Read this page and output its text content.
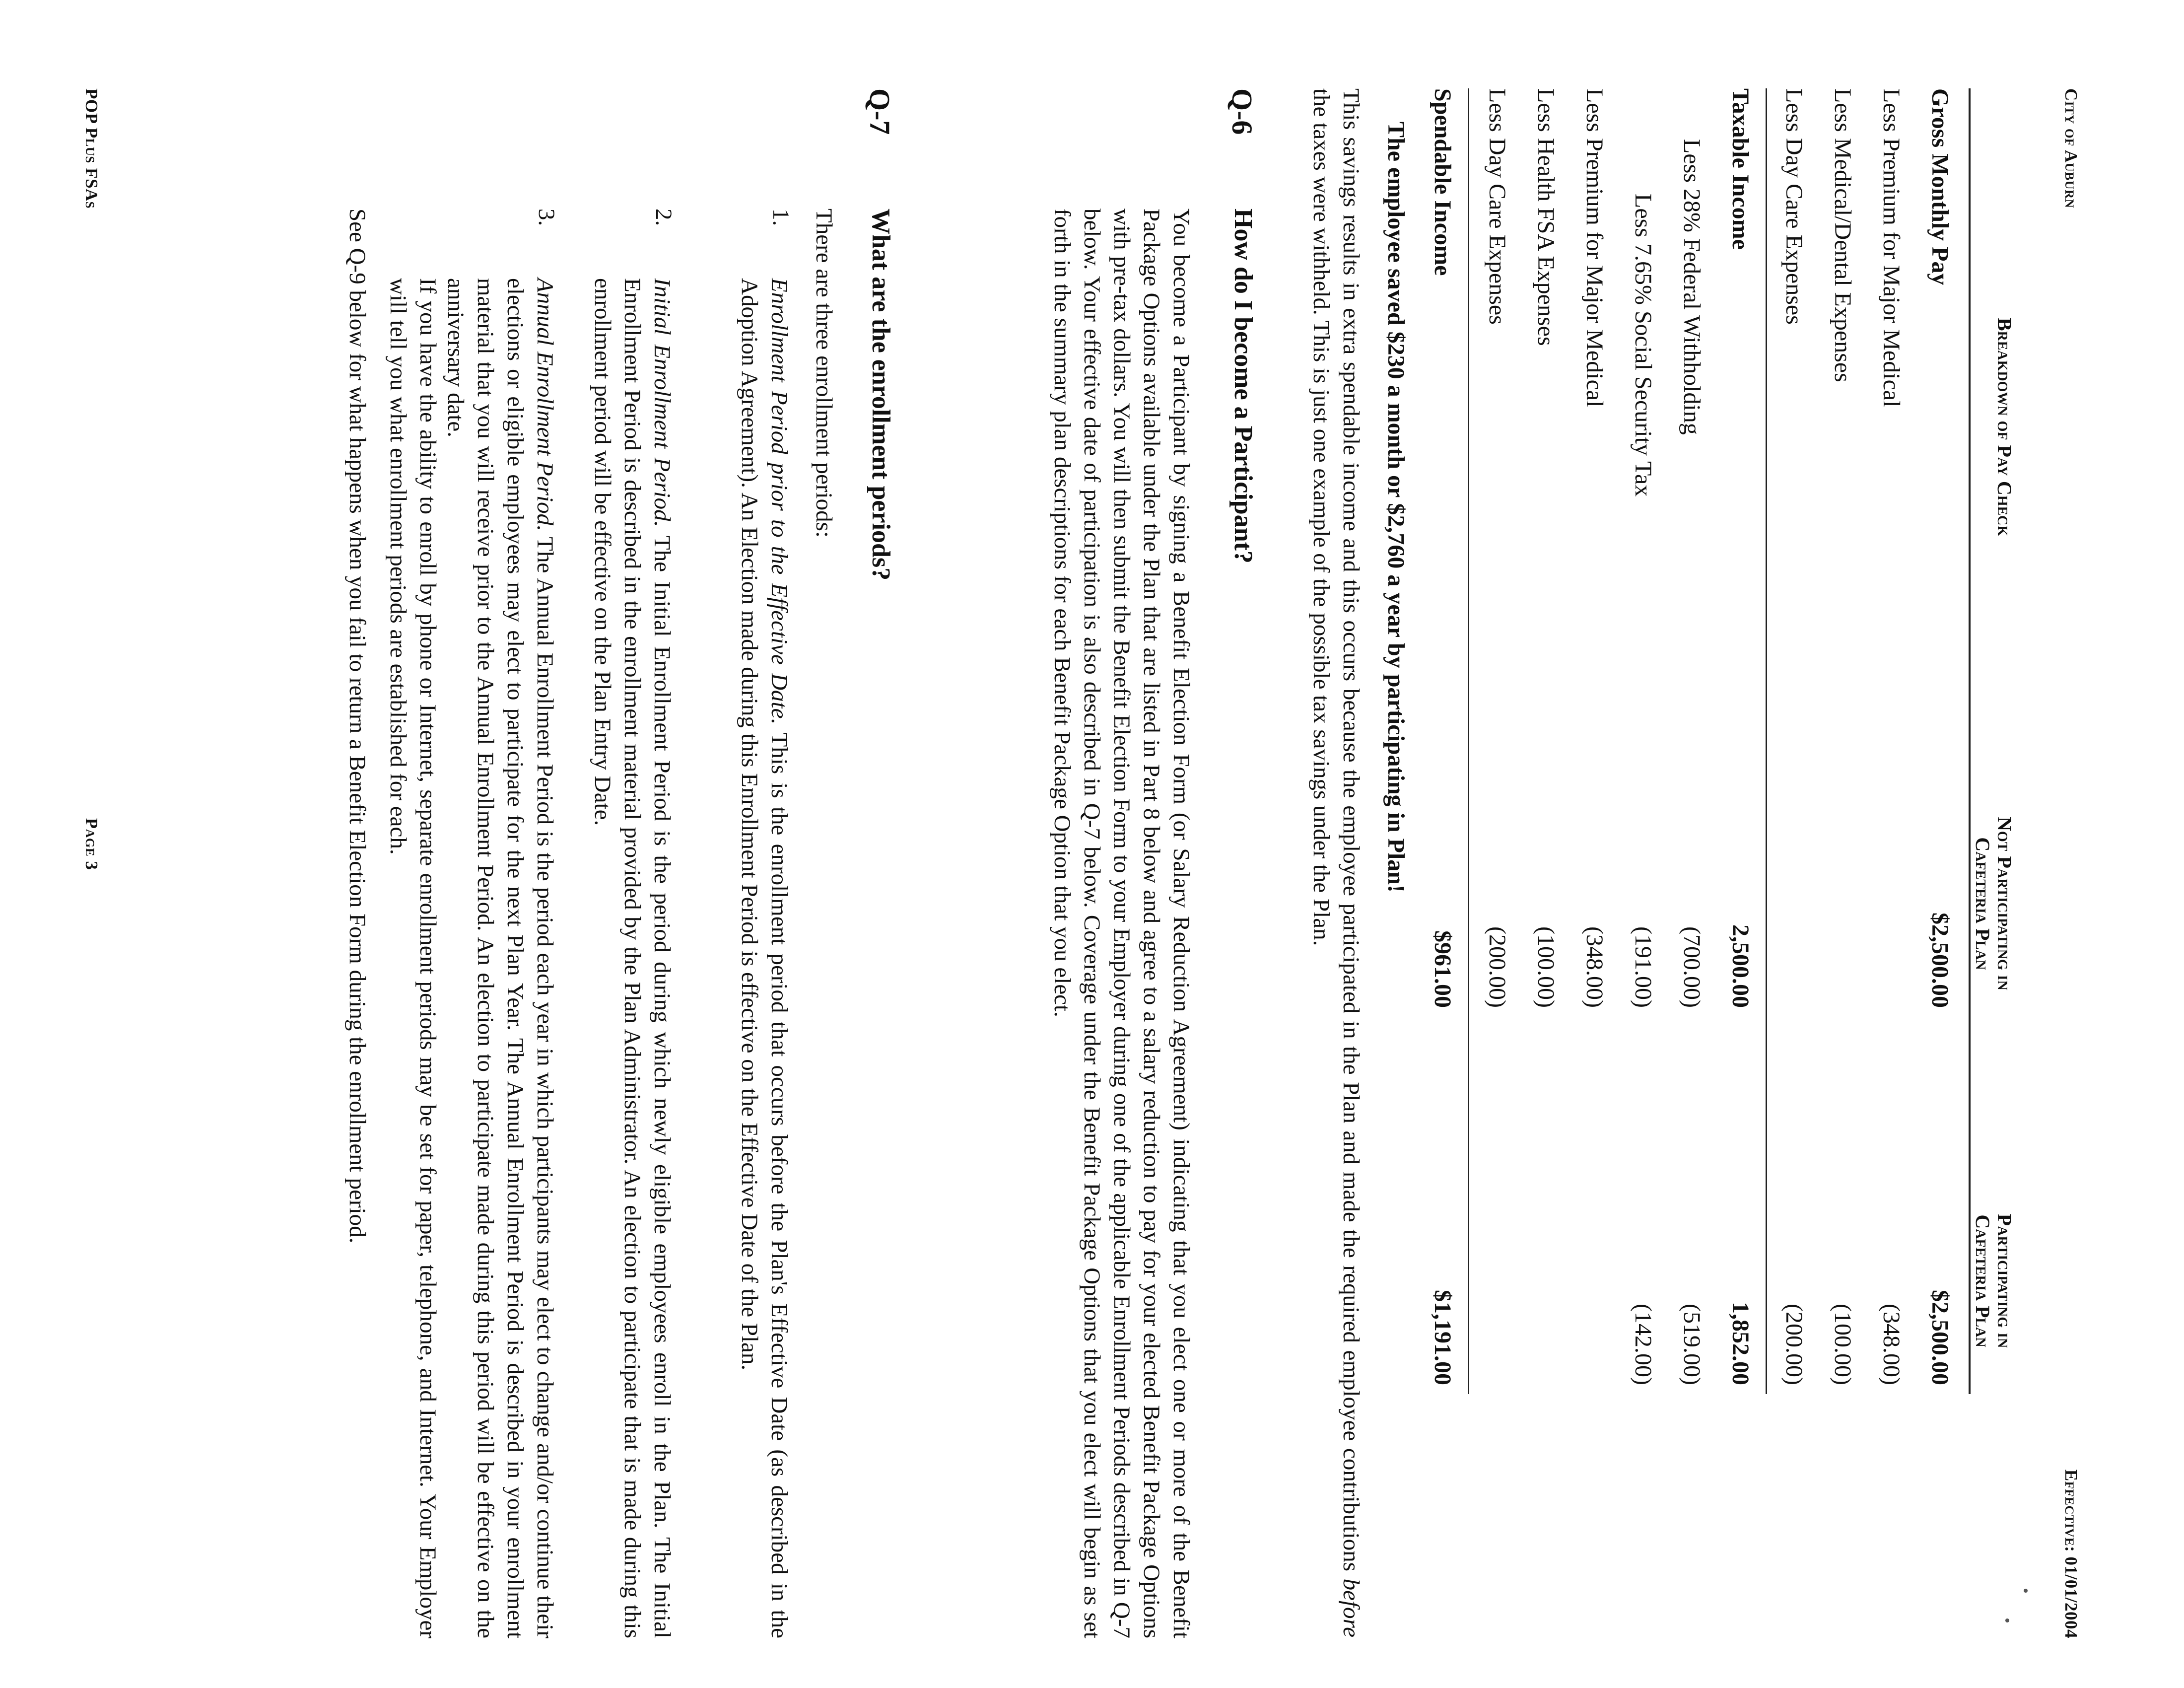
City of Auburn
Effective: 01/01/2004
Breakdown of Pay Check
Not Participating in Cafeteria Plan
Participating in Cafeteria Plan
Gross Monthly Pay
$2,500.00
$2,500.00
Less Premium for Major Medical
(348.00)
Less Medical/Dental Expenses
(100.00)
Less Day Care Expenses
(200.00)
Taxable Income
2,500.00
1,852.00
Less 28% Federal Withholding
(700.00)
(519.00)
Less 7.65% Social Security Tax
(191.00)
(142.00)
Less Premium for Major Medical
(348.00)
Less Health FSA Expenses
(100.00)
Less Day Care Expenses
(200.00)
Spendable Income
$961.00
$1,191.00
The employee saved $230 a month or $2,760 a year by participating in Plan!
This savings results in extra spendable income and this occurs because the employee participated in the Plan and made the required employee contributions before the taxes were withheld. This is just one example of the possible tax savings under the Plan.
Q-6
How do I become a Participant?
You become a Participant by signing a Benefit Election Form (or Salary Reduction Agreement) indicating that you elect one or more of the Benefit Package Options available under the Plan that are listed in Part 8 below and agree to a salary reduction to pay for your elected Benefit Package Options with pre-tax dollars. You will then submit the Benefit Election Form to your Employer during one of the applicable Enrollment Periods described in Q-7 below. Your effective date of participation is also described in Q-7 below. Coverage under the Benefit Package Options that you elect will begin as set forth in the summary plan descriptions for each Benefit Package Option that you elect.
Q-7
What are the enrollment periods?
There are three enrollment periods:
1.
Enrollment Period prior to the Effective Date. This is the enrollment period that occurs before the Plan's Effective Date (as described in the Adoption Agreement). An Election made during this Enrollment Period is effective on the Effective Date of the Plan.
2.
Initial Enrollment Period. The Initial Enrollment Period is the period during which newly eligible employees enroll in the Plan. The Initial Enrollment Period is described in the enrollment material provided by the Plan Administrator. An election to participate that is made during this enrollment period will be effective on the Plan Entry Date.
3.
Annual Enrollment Period. The Annual Enrollment Period is the period each year in which participants may elect to change and/or continue their elections or eligible employees may elect to participate for the next Plan Year. The Annual Enrollment Period is described in your enrollment material that you will receive prior to the Annual Enrollment Period. An election to participate made during this period will be effective on the anniversary date.
If you have the ability to enroll by phone or Internet, separate enrollment periods may be set for paper, telephone, and Internet. Your Employer will tell you what enrollment periods are established for each.
See Q-9 below for what happens when you fail to return a Benefit Election Form during the enrollment period.
POP Plus FSAs
Page 3
